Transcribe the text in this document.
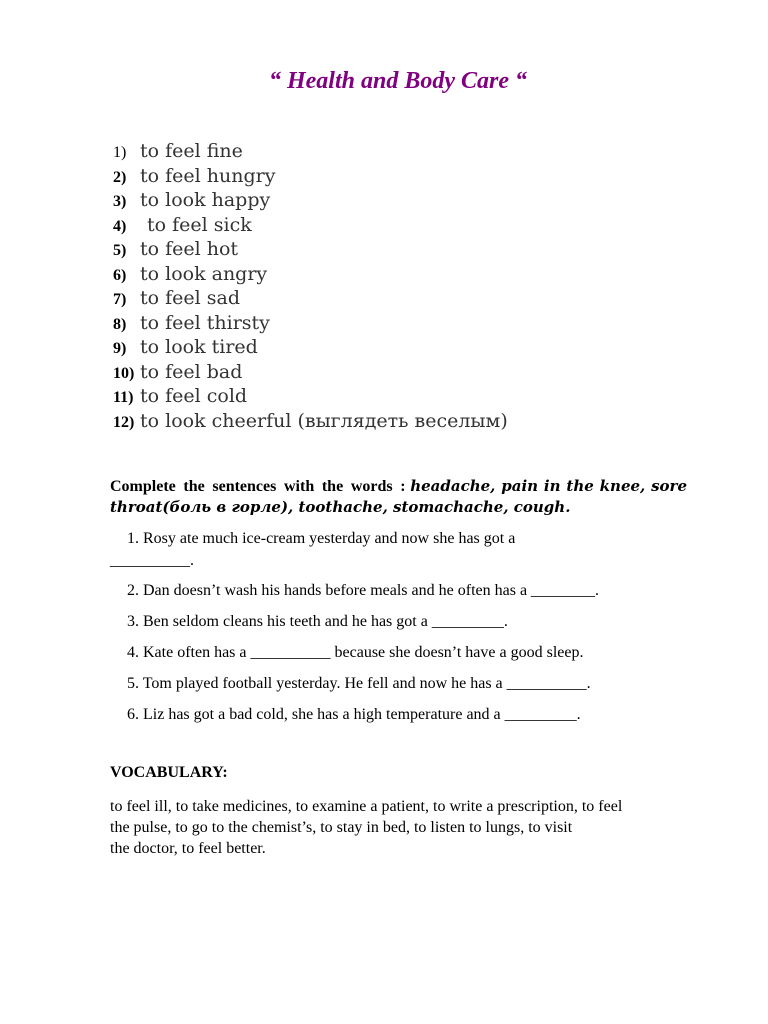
“ Health and Body Care “
1) to feel fine
2) to feel hungry
3) to look happy
4)	to feel sick
5) to feel hot
6) to look angry
7) to feel sad
8) to feel thirsty
9) to look tired
10) to feel bad
11) to feel cold
12) to look cheerful (выглядеть веселым)
Complete the sentences with the words : headache, pain in the knee, sore throat(боль в горле), toothache, stomachache, cough.
1. Rosy ate much ice-cream yesterday and now she has got a
__________.
2. Dan doesn’t wash his hands before meals and he often has a ________.
3. Ben seldom cleans his teeth and he has got a _________.
4. Kate often has a __________ because she doesn’t have a good sleep.
5. Tom played football yesterday. He fell and now he has a __________.
6. Liz has got a bad cold, she has a high temperature and a _________.
VOCABULARY:
to feel ill, to take medicines, to examine a patient, to write a prescription, to feel
the pulse, to go to the chemist’s, to stay in bed, to listen to lungs, to visit
the doctor, to feel better.
